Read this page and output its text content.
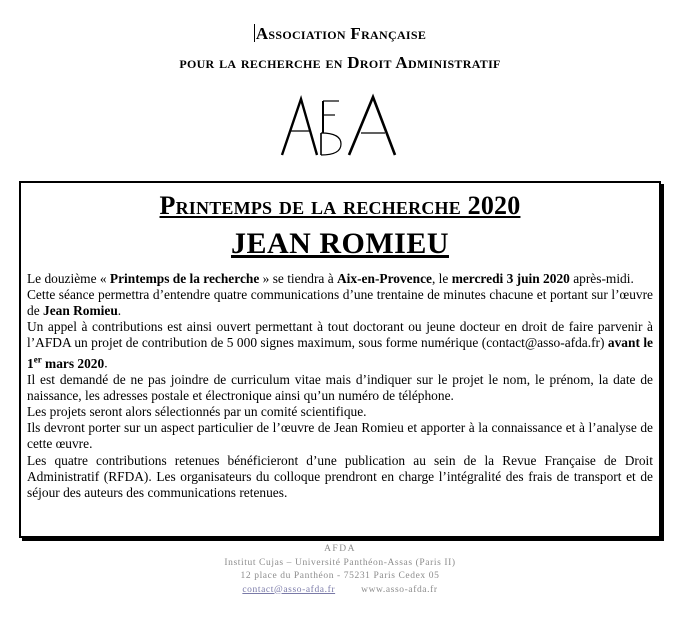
Association Française
pour la recherche en Droit Administratif
Printemps de la recherche 2020
JEAN ROMIEU

Le douzième « Printemps de la recherche » se tiendra à Aix-en-Provence, le mercredi 3 juin 2020 après-midi.

Cette séance permettra d’entendre quatre communications d’une trentaine de minutes chacune et portant sur l’œuvre de Jean Romieu.

Un appel à contributions est ainsi ouvert permettant à tout doctorant ou jeune docteur en droit de faire parvenir à l’AFDA un projet de contribution de 5 000 signes maximum, sous forme numérique (contact@asso-afda.fr) avant le 1er mars 2020.

Il est demandé de ne pas joindre de curriculum vitae mais d’indiquer sur le projet le nom, le prénom, la date de naissance, les adresses postale et électronique ainsi qu’un numéro de téléphone.

Les projets seront alors sélectionnés par un comité scientifique.

Ils devront porter sur un aspect particulier de l’œuvre de Jean Romieu et apporter à la connaissance et à l’analyse de cette œuvre.

Les quatre contributions retenues bénéficieront d’une publication au sein de la Revue Française de Droit Administratif (RFDA). Les organisateurs du colloque prendront en charge l’intégralité des frais de transport et de séjour des auteurs des communications retenues.

AFDA
Institut Cujas – Université Panthéon-Assas (Paris II)
12 place du Panthéon - 75231 Paris Cedex 05
contact@asso-afda.fr	www.asso-afda.fr
